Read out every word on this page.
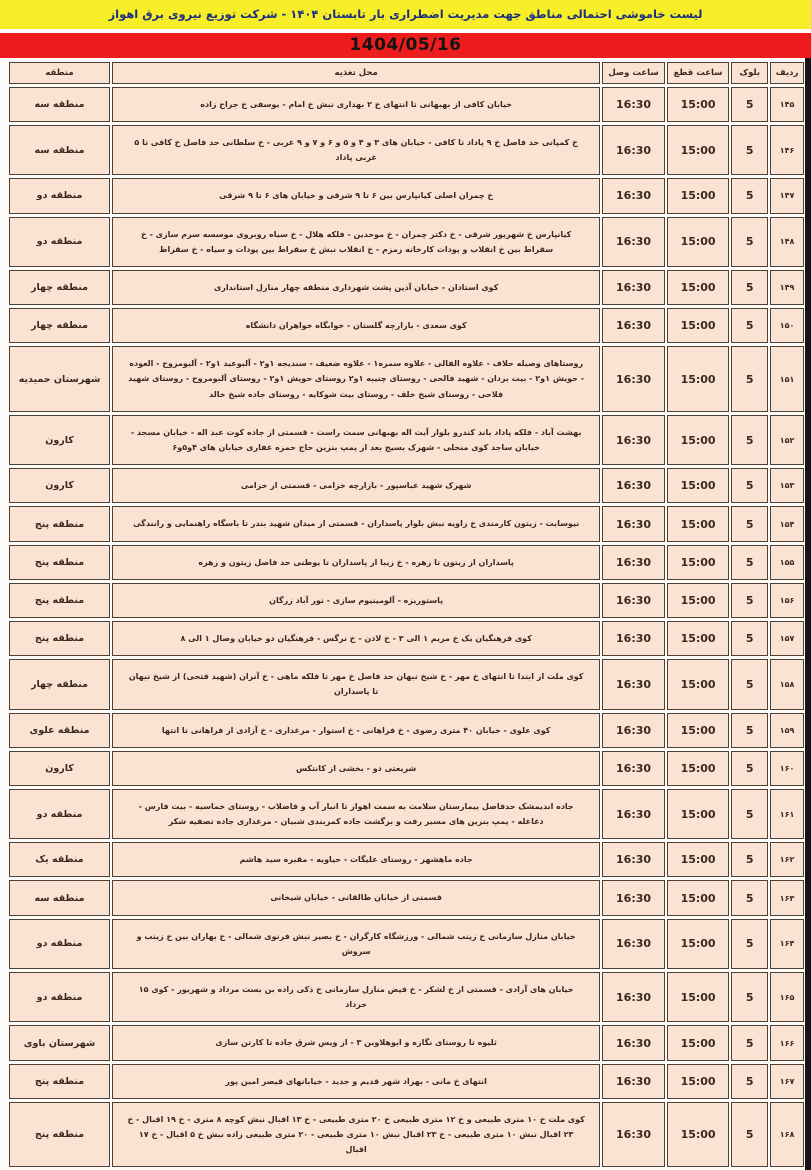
لیست خاموشی احتمالی مناطق جهت مدیریت اضطراری بار تابستان ۱۴۰۴ - شرکت توزیع نیروی برق اهواز
1404/05/16
ردیف	بلوک	ساعت قطع	ساعت وصل	محل تغذیه	منطقه
۱۴۵	5	15:00	16:30	خیابان کافی از بهبهانی تا انتهای خ ۲ بهداری نبش خ امام - یوسفی خ جراح زاده	منطقه سه
۱۴۶	5	15:00	16:30	خ کمپانی حد فاصل خ ۹ پاداد تا کافی - خیابان های ۳ و ۴ و ۵ و ۶ و ۷ و ۹ غربی - خ سلطانی حد فاصل خ کافی تا ۵ غربی پاداد	منطقه سه
۱۴۷	5	15:00	16:30	خ چمران اصلی کیانپارس بین ۶ تا ۹ شرقی و خیابان های ۶ تا ۹ شرقی	منطقه دو
۱۴۸	5	15:00	16:30	کیانپارس خ شهریور شرقی - خ دکتر چمران - خ موحدین - فلکه هلال - خ سیاه روبروی موسسه سرم سازی - خ سقراط بین خ انقلاب و پودات کارخانه زمزم - خ انقلاب نبش خ سقراط بین پودات و سیاه - خ سقراط	منطقه دو
۱۴۹	5	15:00	16:30	کوی استادان - خیابان آذین پشت شهرداری منطقه چهار منازل استانداری	منطقه چهار
۱۵۰	5	15:00	16:30	کوی سعدی - بازارچه گلستان - خوابگاه خواهران دانشگاه	منطقه چهار
۱۵۱	5	15:00	16:30	روستاهای وصیله حلاف - علاوه الفالی - علاوه سمره۱ - علاوه ضعیف - سندیجه ۱و۲ - آلبوعید ۱و۲ - آلبومروح - العوده - حویش ۱و۲ - بیت بردان - شهید فالحی - روستای چنیبه ۱و۲ روستای حویش ۱و۲ - روستای آلبومروح - روستای شهید فلاحی - روستای شیخ خلف - روستای بیت شوکایه - روستای جاده شیخ خالد	شهرستان حمیدیه
۱۵۲	5	15:00	16:30	بهشت آباد - فلکه پاداد باند کندرو بلوار آیت اله بهبهانی سمت راست - قسمتی از جاده کوت عبد اله - خیابان مسجد - خیابان ساجد کوی منحلی - شهرک بسیج بعد از پمپ بنزین حاج حمزه غفاری خیابان های ۴و۵و۶	کارون
۱۵۳	5	15:00	16:30	شهرک شهید عباسپور - بازارچه خزامی - قسمتی از خزامی	کارون
۱۵۴	5	15:00	16:30	نیوسایت - زیتون کارمندی خ زاویه نبش بلوار پاسداران - قسمتی از میدان شهید بندر تا باسگاه راهنمایی و رانندگی	منطقه پنج
۱۵۵	5	15:00	16:30	پاسداران از زیتون تا زهره - خ زیبا از پاسداران تا یوطنی حد فاصل زیتون و زهره	منطقه پنج
۱۵۶	5	15:00	16:30	پاستوریزه - آلومینیوم سازی - نور آباد زرگان	منطقه پنج
۱۵۷	5	15:00	16:30	کوی فرهنگیان یک خ مریم ۱ الی ۳ - خ لادن - خ نرگس - فرهنگیان دو خیابان وصال ۱ الی ۸	منطقه پنج
۱۵۸	5	15:00	16:30	کوی ملت از ابتدا تا انتهای خ مهر - خ شیخ نبهان حد فاصل خ مهر تا فلکه ماهی - خ آنزان (شهید فتحی) از شیخ نبهان تا پاسداران	منطقه چهار
۱۵۹	5	15:00	16:30	کوی علوی - خیابان ۴۰ متری رضوی - خ فراهانی - خ استوار - مرغداری - خ آزادی از فراهانی تا انتها	منطقه علوی
۱۶۰	5	15:00	16:30	شریعتی دو - بخشی از کانتکس	کارون
۱۶۱	5	15:00	16:30	جاده اندیمشک حدفاصل بیمارستان سلامت به سمت اهواز تا انبار آب و فاضلاب - روستای خماسیه - بیت فارس - دغاغله - پمپ بنزین های مسیر رفت و برگشت جاده کمربندی شبیان - مرغداری جاده تصفیه شکر	منطقه دو
۱۶۲	5	15:00	16:30	جاده ماهشهر - روستای علیگات - حیاویه - مقبره سید هاشم	منطقه یک
۱۶۳	5	15:00	16:30	قسمتی از خیابان طالقانی - خیابان شیخانی	منطقه سه
۱۶۴	5	15:00	16:30	خیابان منازل سازمانی خ زینب شمالی - ورزشگاه کارگران - خ بصیر نبش فرنوی شمالی - خ بهاران بین خ زینب و سروش	منطقه دو
۱۶۵	5	15:00	16:30	خیابان های آزادی - قسمتی از خ لشکر - خ فیض منازل سازمانی خ ذکی زاده بن بست مرداد و شهریور - کوی ۱۵ خرداد	منطقه دو
۱۶۶	5	15:00	16:30	ثلیوه تا روستای نگازه و ابوهلاوین ۳ - از ویس شرق جاده تا کارتن سازی	شهرستان باوی
۱۶۷	5	15:00	16:30	انتهای خ مانی - بهزاد شهر قدیم و جدید - خیابانهای قیصر امین پور	منطقه پنج
۱۶۸	5	15:00	16:30	کوی ملت خ ۱۰ متری طبیعی و خ ۱۲ متری طبیعی خ ۲۰ متری طبیعی - خ ۱۳ اقبال نبش کوچه ۸ متری - خ ۱۹ اقبال - خ ۲۳ اقبال نبش ۱۰ متری طبیعی - خ ۲۳ اقبال نبش ۱۰ متری طبیعی - ۲۰ متری طبیعی زاده نبش خ ۵ اقبال - خ ۱۷ اقبال	منطقه پنج
